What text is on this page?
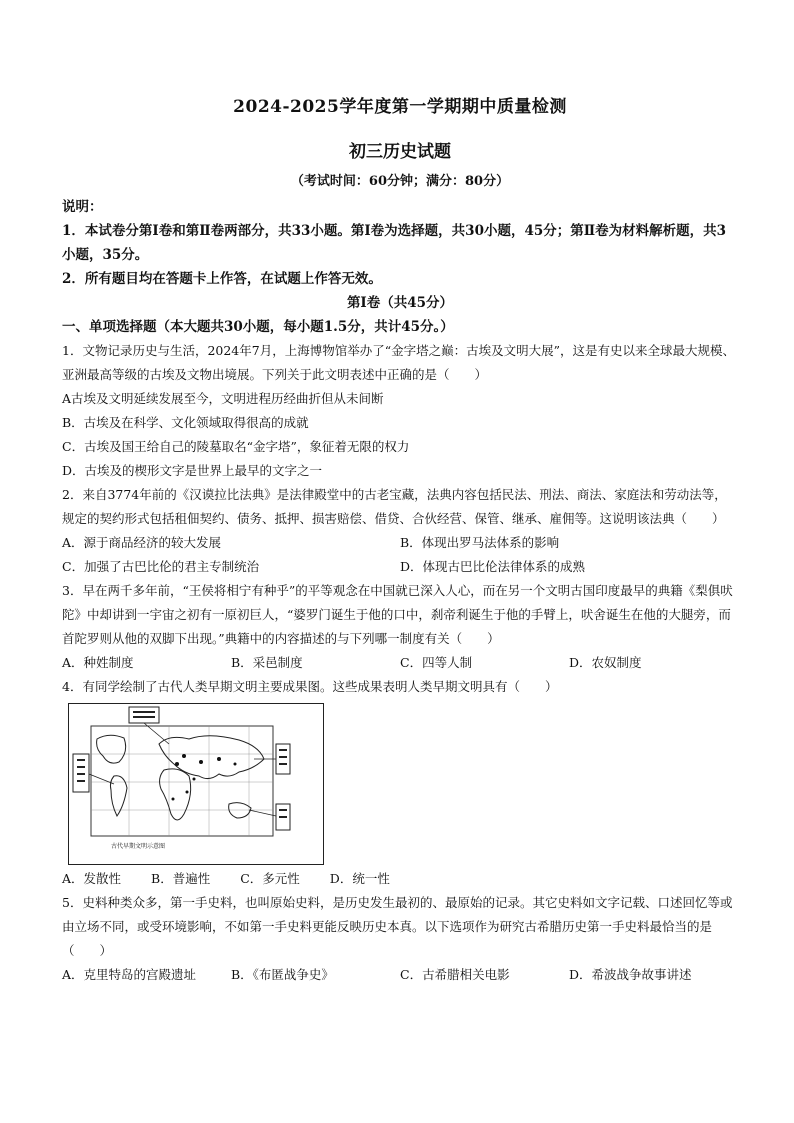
2024-2025学年度第一学期期中质量检测
初三历史试题
（考试时间：60分钟；满分：80分）

说明：

1．本试卷分第Ⅰ卷和第Ⅱ卷两部分，共33小题。第Ⅰ卷为选择题，共30小题，45分；第Ⅱ卷为材料解析题，共3小题，35分。

2．所有题目均在答题卡上作答，在试题上作答无效。

第Ⅰ卷（共45分）

一、单项选择题（本大题共30小题，每小题1.5分，共计45分。）

1．文物记录历史与生活，2024年7月，上海博物馆举办了“金字塔之巅：古埃及文明大展”，这是有史以来全球最大规模、亚洲最高等级的古埃及文物出境展。下列关于此文明表述中正确的是（　　）

A古埃及文明延续发展至今，文明进程历经曲折但从未间断

B．古埃及在科学、文化领域取得很高的成就

C．古埃及国王给自己的陵墓取名“金字塔”，象征着无限的权力

D．古埃及的楔形文字是世界上最早的文字之一

2．来自3774年前的《汉谟拉比法典》是法律殿堂中的古老宝藏，法典内容包括民法、刑法、商法、家庭法和劳动法等，规定的契约形式包括租佃契约、债务、抵押、损害赔偿、借贷、合伙经营、保管、继承、雇佣等。这说明该法典（　　）

A．源于商品经济的较大发展	B．体现出罗马法体系的影响
C．加强了古巴比伦的君主专制统治	D．体现古巴比伦法律体系的成熟

3．早在两千多年前，“王侯将相宁有种乎”的平等观念在中国就已深入人心，而在另一个文明古国印度最早的典籍《梨俱吠陀》中却讲到一宇宙之初有一原初巨人，“婆罗门诞生于他的口中，刹帝利诞生于他的手臂上，吠舍诞生在他的大腿旁，而首陀罗则从他的双脚下出现。”典籍中的内容描述的与下列哪一制度有关（　　）

A．种姓制度	B．采邑制度	C．四等人制	D．农奴制度

4．有同学绘制了古代人类早期文明主要成果图。这些成果表明人类早期文明具有（　　）

古代早期文明示意图
A．发散性 B．普遍性 C．多元性 D．统一性

5．史料种类众多，第一手史料，也叫原始史料，是历史发生最初的、最原始的记录。其它史料如文字记载、口述回忆等或由立场不同，或受环境影响，不如第一手史料更能反映历史本真。以下选项作为研究古希腊历史第一手史料最恰当的是（　　）

A．克里特岛的宫殿遗址	B．《布匿战争史》	C．古希腊相关电影	D．希波战争故事讲述
